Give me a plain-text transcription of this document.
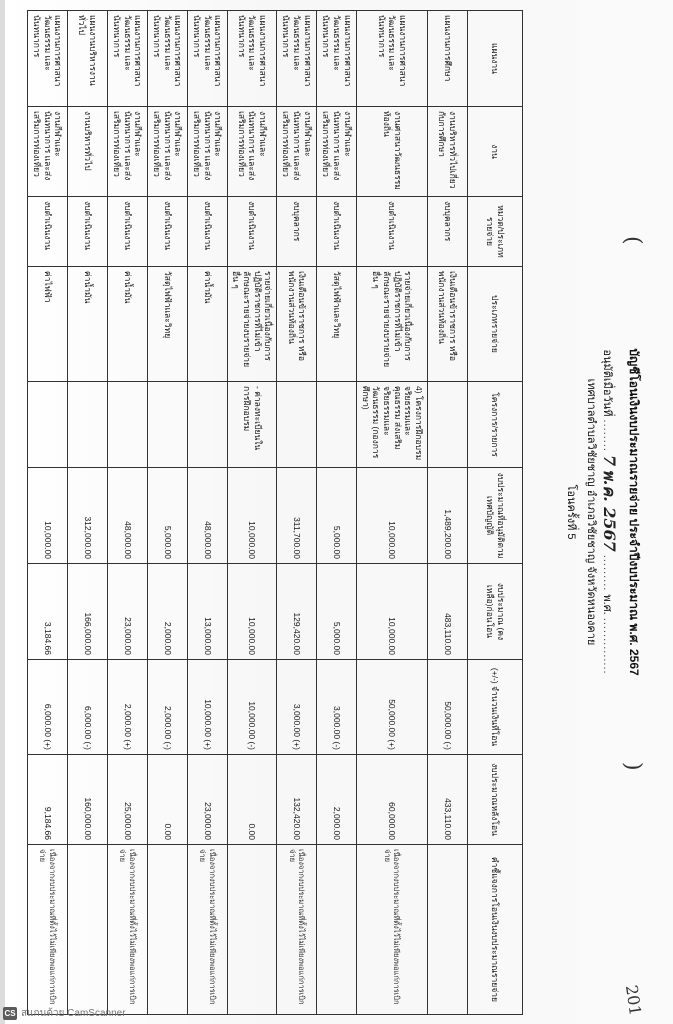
(
)
บัญชีโอนเงินงบประมาณรายจ่าย ประจำปีงบประมาณ พ.ศ. 2567
อนุมัติเมื่อวันที่ ........ 7 พ.ค. 2567 ......... พ.ศ. ..............
เทศบาลตำบลวิชัยชาญ อำเภอวิชัยชาญ จังหวัดหนองคาย
โอนครั้งที่ 5
201
แผนงาน	งาน	หมวด/ประเภทรายจ่าย	ประเภทรายจ่าย	โครงการ/รายการ	งบประมาณที่อนุมัติตามเทศบัญญัติ	งบประมาณ (คงเหลือ)ก่อนโอน	(+/-) จำนวนเงินที่โอน	งบประมาณหลังโอน	คำชี้แจงการโอนเงินงบประมาณรายจ่าย
แผนงานการศึกษา	งานบริหารทั่วไปเกี่ยวกับการศึกษา	งบบุคลากร	เงินเดือนข้าราชการ หรือพนักงานส่วนท้องถิ่น		1,489,200.00	483,110.00	50,000.00 (-)	433,110.00	
แผนงานการศาสนา วัฒนธรรม และนันทนาการ	งานศาสนาวัฒนธรรมท้องถิ่น	งบดำเนินงาน	รายจ่ายเกี่ยวเนื่องกับการปฏิบัติราชการที่ไม่เข้าลักษณะรายจ่ายงบรายจ่ายอื่น ๆ	4) โครงการฝึกอบรมจริยธรรมและคุณธรรม ส่งเสริมจริยธรรมและวัฒนธรรม (กองการศึกษา)	10,000.00	10,000.00	50,000.00 (+)	60,000.00	เนื่องจากงบประมาณที่ตั้งไว้ไม่เพียงพอแก่การเบิกจ่าย
แผนงานการศาสนา วัฒนธรรม และนันทนาการ	งานกีฬาและนันทนาการ และส่งเสริมการท่องเที่ยว	งบดำเนินงาน	วัสดุไฟฟ้าและวิทยุ		5,000.00	5,000.00	3,000.00 (-)	2,000.00	
แผนงานการศาสนา วัฒนธรรม และนันทนาการ	งานกีฬาและนันทนาการ และส่งเสริมการท่องเที่ยว	งบบุคลากร	เงินเดือนข้าราชการ หรือพนักงานส่วนท้องถิ่น		311,700.00	129,420.00	3,000.00 (+)	132,420.00	เนื่องจากงบประมาณที่ตั้งไว้ไม่เพียงพอแก่การเบิกจ่าย
แผนงานการศาสนา วัฒนธรรม และนันทนาการ	งานกีฬาและนันทนาการ และส่งเสริมการท่องเที่ยว	งบดำเนินงาน	รายจ่ายเกี่ยวเนื่องกับการปฏิบัติราชการที่ไม่เข้าลักษณะรายจ่ายงบรายจ่ายอื่น ๆ	- ค่าลงทะเบียนในการฝึกอบรม	10,000.00	10,000.00	10,000.00 (-)	0.00	
แผนงานการศาสนา วัฒนธรรม และนันทนาการ	งานกีฬาและนันทนาการ และส่งเสริมการท่องเที่ยว	งบดำเนินงาน	ค่าน้ำมัน		48,000.00	13,000.00	10,000.00 (+)	23,000.00	เนื่องจากงบประมาณที่ตั้งไว้ไม่เพียงพอแก่การเบิกจ่าย
แผนงานการศาสนา วัฒนธรรม และนันทนาการ	งานกีฬาและนันทนาการ และส่งเสริมการท่องเที่ยว	งบดำเนินงาน	วัสดุไฟฟ้าและวิทยุ		5,000.00	2,000.00	2,000.00 (-)	0.00	
แผนงานการศาสนา วัฒนธรรม และนันทนาการ	งานกีฬาและนันทนาการ และส่งเสริมการท่องเที่ยว	งบดำเนินงาน	ค่าน้ำมัน		48,000.00	23,000.00	2,000.00 (+)	25,000.00	เนื่องจากงบประมาณที่ตั้งไว้ไม่เพียงพอแก่การเบิกจ่าย
แผนงานบริหารงานทั่วไป	งานบริหารทั่วไป	งบดำเนินงาน	ค่าน้ำมัน		312,000.00	166,000.00	6,000.00 (-)	160,000.00	
แผนงานการศาสนา วัฒนธรรม และนันทนาการ	งานกีฬาและนันทนาการ และส่งเสริมการท่องเที่ยว	งบดำเนินงาน	ค่าไฟฟ้า		10,000.00	3,184.66	6,000.00 (+)	9,184.66	เนื่องจากงบประมาณที่ตั้งไว้ไม่เพียงพอแก่การเบิกจ่าย
CS สแกนด้วย CamScanner
